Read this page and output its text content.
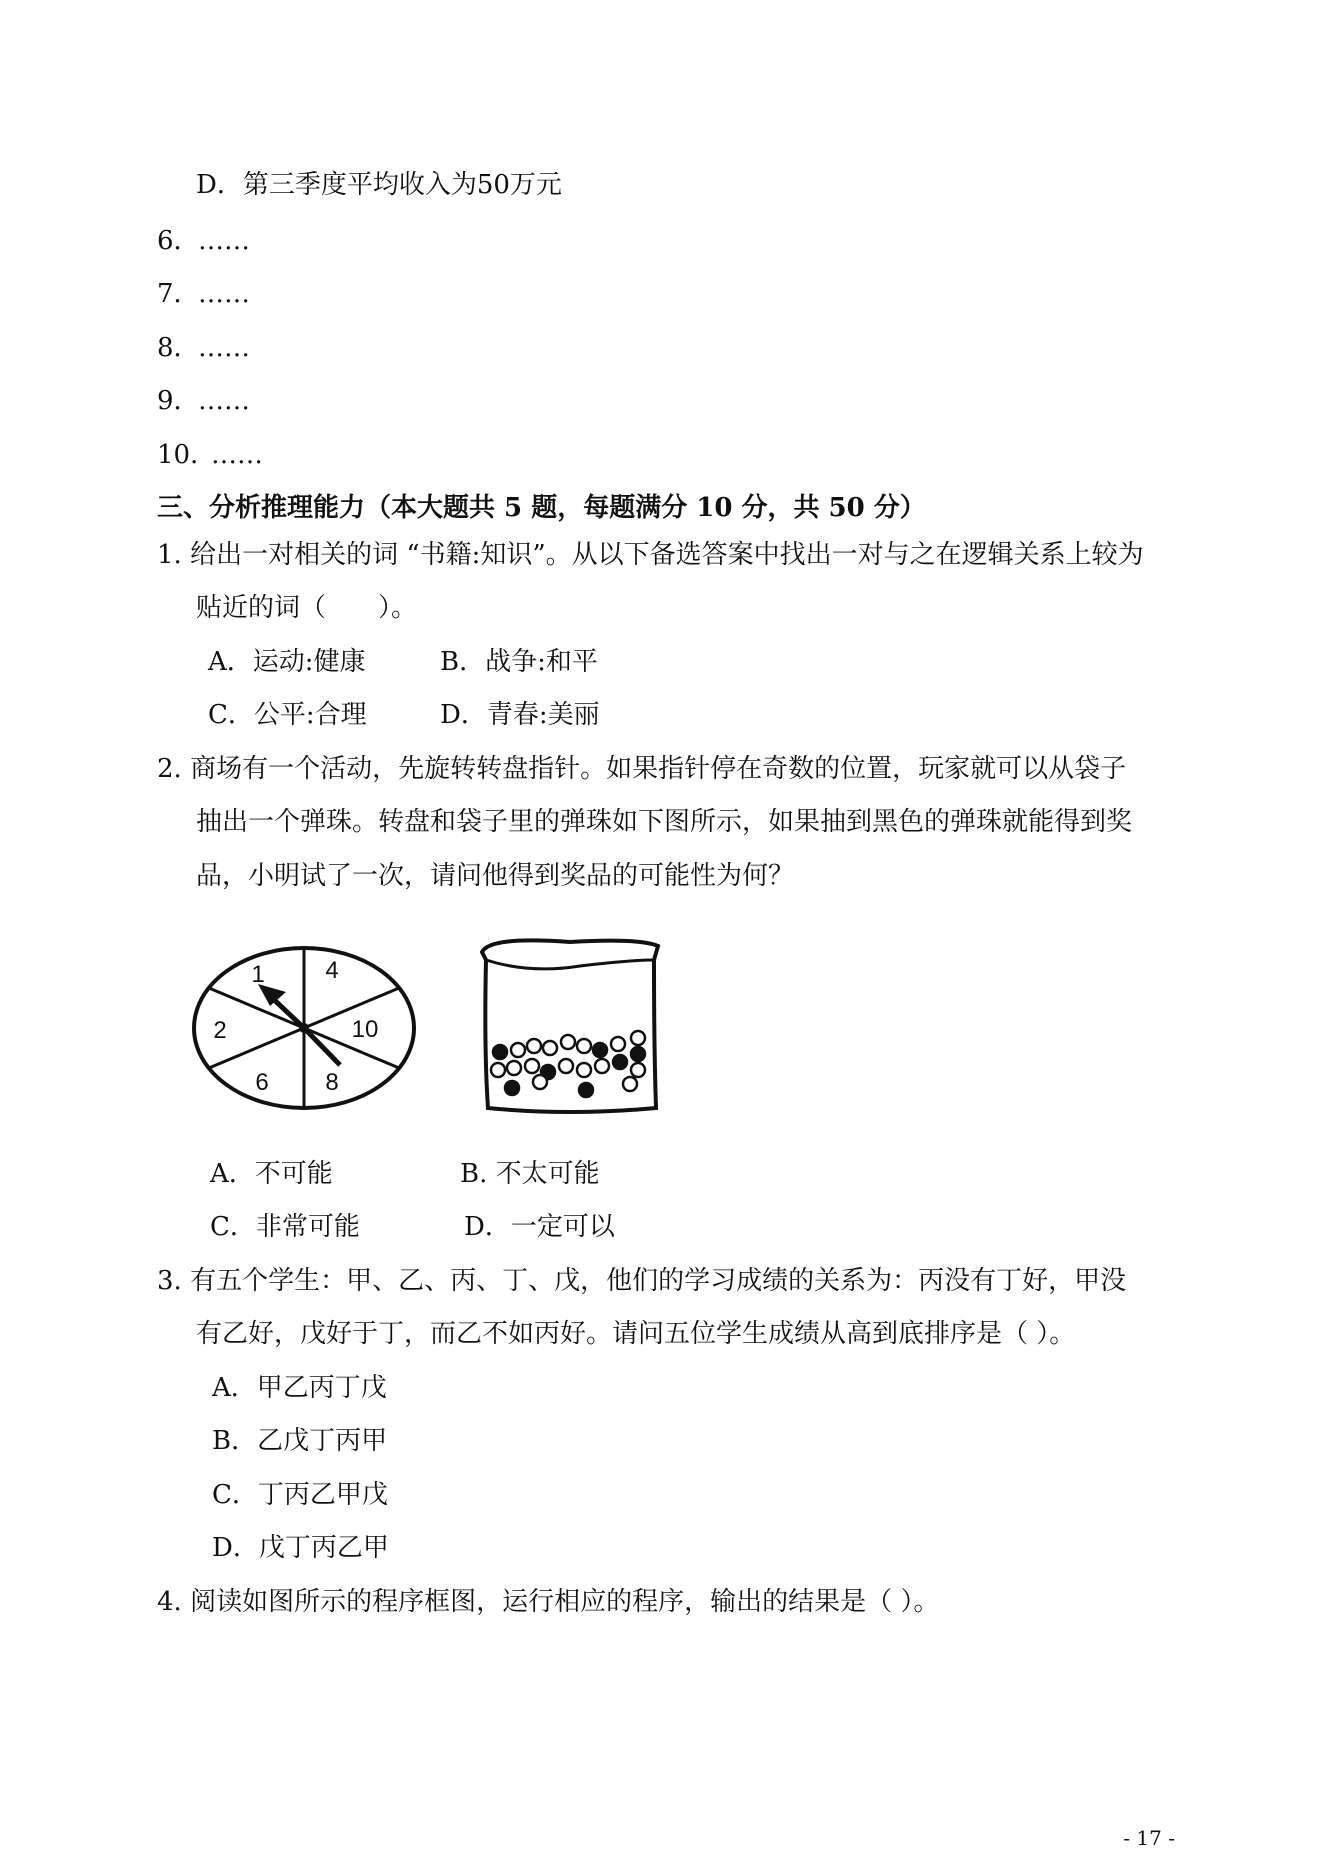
D．第三季度平均收入为50万元
6．
……
7．
……
8．
……
9．
……
10．
……
三、分析推理能力（本大题共 5 题，每题满分 10 分，共 50 分）
1. 给出一对相关的词 “书籍:知识”。从以下备选答案中找出一对与之在逻辑关系上较为
贴近的词（　　）。
A．运动:健康	B．战争:和平
C．公平:合理	D．青春:美丽
2. 商场有一个活动，先旋转转盘指针。如果指针停在奇数的位置，玩家就可以从袋子
抽出一个弹珠。转盘和袋子里的弹珠如下图所示，如果抽到黑色的弹珠就能得到奖
品，小明试了一次，请问他得到奖品的可能性为何？
1	4
10
8
6
2
A．不可能	B. 不太可能
C．非常可能	D．一定可以
3. 有五个学生：甲、乙、丙、丁、戊，他们的学习成绩的关系为：丙没有丁好，甲没
有乙好，戊好于丁，而乙不如丙好。请问五位学生成绩从高到底排序是（ ）。
A．甲乙丙丁戊
B．乙戊丁丙甲
C．丁丙乙甲戊
D．戊丁丙乙甲
4. 阅读如图所示的程序框图，运行相应的程序，输出的结果是（ ）。
- 17 -
